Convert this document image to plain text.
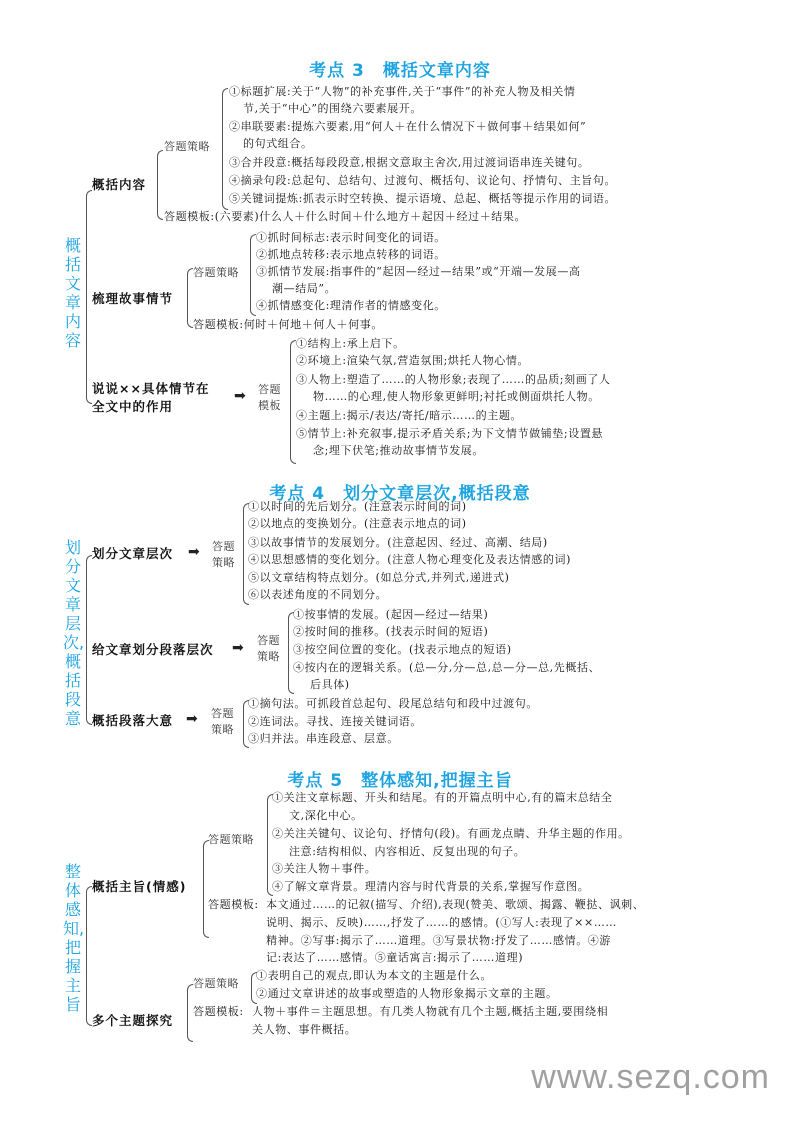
考点 3 概括文章内容
概括文章内容
概括内容
答题策略
①标题扩展:关于“人物”的补充事件,关于“事件”的补充人物及相关情
节,关于“中心”的围绕六要素展开。
②串联要素:提炼六要素,用“何人＋在什么情况下＋做何事＋结果如何”
的句式组合。
③合并段意:概括每段段意,根据文意取主舍次,用过渡词语串连关键句。
④摘录句段:总起句、总结句、过渡句、概括句、议论句、抒情句、主旨句。
⑤关键词提炼:抓表示时空转换、提示语境、总起、概括等提示作用的词语。
答题模板:(六要素)什么人＋什么时间＋什么地方＋起因＋经过＋结果。
梳理故事情节
答题策略
①抓时间标志:表示时间变化的词语。
②抓地点转移:表示地点转移的词语。
③抓情节发展:指事件的“起因—经过—结果”或“开端—发展—高
潮—结局”。
④抓情感变化:理清作者的情感变化。
答题模板:何时＋何地＋何人＋何事。
说说××具体情节在
全文中的作用
➡ 答题
模板
①结构上:承上启下。
②环境上:渲染气氛,营造氛围;烘托人物心情。
③人物上:塑造了……的人物形象;表现了……的品质;刻画了人
物……的心理,使人物形象更鲜明;衬托或侧面烘托人物。
④主题上:揭示/表达/寄托/暗示……的主题。
⑤情节上:补充叙事,提示矛盾关系;为下文情节做铺垫;设置悬
念;埋下伏笔;推动故事情节发展。
考点 4 划分文章层次,概括段意
划分文章层次,概括段意
划分文章层次 ➡ 答题
策略
①以时间的先后划分。(注意表示时间的词)
②以地点的变换划分。(注意表示地点的词)
③以故事情节的发展划分。(注意起因、经过、高潮、结局)
④以思想感情的变化划分。(注意人物心理变化及表达情感的词)
⑤以文章结构特点划分。(如总分式,并列式,递进式)
⑥以表述角度的不同划分。
给文章划分段落层次 ➡ 答题
策略
①按事情的发展。(起因—经过—结果)
②按时间的推移。(找表示时间的短语)
③按空间位置的变化。(找表示地点的短语)
④按内在的逻辑关系。(总—分,分—总,总—分—总,先概括、
后具体)
概括段落大意 ➡ 答题
策略
①摘句法。可抓段首总起句、段尾总结句和段中过渡句。
②连词法。寻找、连接关键词语。
③归并法。串连段意、层意。
考点 5 整体感知,把握主旨
整体感知,把握主旨
概括主旨(情感)
答题策略
①关注文章标题、开头和结尾。有的开篇点明中心,有的篇末总结全
文,深化中心。
②关注关键句、议论句、抒情句(段)。有画龙点睛、升华主题的作用。
注意:结构相似、内容相近、反复出现的句子。
③关注人物＋事件。
④了解文章背景。理清内容与时代背景的关系,掌握写作意图。
答题模板: 本文通过……的记叙(描写、介绍),表现(赞美、歌颂、揭露、鞭挞、讽刺、
说明、揭示、反映)……,抒发了……的感情。(①写人:表现了××……
精神。②写事:揭示了……道理。③写景状物:抒发了……感情。④游
记:表达了……感情。⑤童话寓言:揭示了……道理)
多个主题探究
答题策略
①表明自己的观点,即认为本文的主题是什么。
②通过文章讲述的故事或塑造的人物形象揭示文章的主题。
答题模板: 人物＋事件＝主题思想。有几类人物就有几个主题,概括主题,要围绕相
关人物、事件概括。
www.sezq.com
